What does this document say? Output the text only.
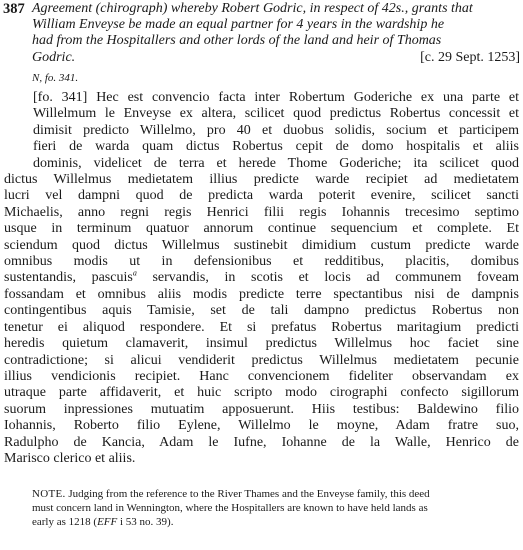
387 Agreement (chirograph) whereby Robert Godric, in respect of 42s., grants that
William Enveyse be made an equal partner for 4 years in the wardship he
had from the Hospitallers and other lords of the land and heir of Thomas
Godric.	[c. 29 Sept. 1253]
N, fo. 341.
[fo. 341] Hec est convencio facta inter Robertum Goderiche ex una parte et
Willelmum le Enveyse ex altera, scilicet quod predictus Robertus concessit et
dimisit predicto Willelmo, pro 40 et duobus solidis, socium et participem
fieri de warda quam dictus Robertus cepit de domo hospitalis et aliis
dominis, videlicet de terra et herede Thome Goderiche; ita scilicet quod
dictus Willelmus medietatem illius predicte warde recipiet ad medietatem
lucri vel dampni quod de predicta warda poterit evenire, scilicet sancti
Michaelis, anno regni regis Henrici filii regis Iohannis trecesimo septimo
usque in terminum quatuor annorum continue sequencium et complete. Et
sciendum quod dictus Willelmus sustinebit dimidium custum predicte warde
omnibus modis ut in defensionibus et redditibus, placitis, domibus
sustentandis, pascuis$^a$ servandis, in scotis et locis ad communem foveam
fossandam et omnibus aliis modis predicte terre spectantibus nisi de dampnis
contingentibus aquis Tamisie, set de tali dampno predictus Robertus non
tenetur ei aliquod respondere. Et si prefatus Robertus maritagium predicti
heredis quietum clamaverit, insimul predictus Willelmus hoc faciet sine
contradictione; si alicui vendiderit predictus Willelmus medietatem pecunie
illius vendicionis recipiet. Hanc convencionem fideliter observandam ex
utraque parte affidaverit, et huic scripto modo cirographi confecto sigillorum
suorum inpressiones mutuatim apposuerunt. Hiis testibus: Baldewino filio
Iohannis, Roberto filio Eylene, Willelmo le moyne, Adam fratre suo,
Radulpho de Kancia, Adam le Iufne, Iohanne de la Walle, Henrico de
Marisco clerico et aliis.
NOTE. Judging from the reference to the River Thames and the Enveyse family, this deed
must concern land in Wennington, where the Hospitallers are known to have held lands as
early as 1218 (EFF i 53 no. 39).
